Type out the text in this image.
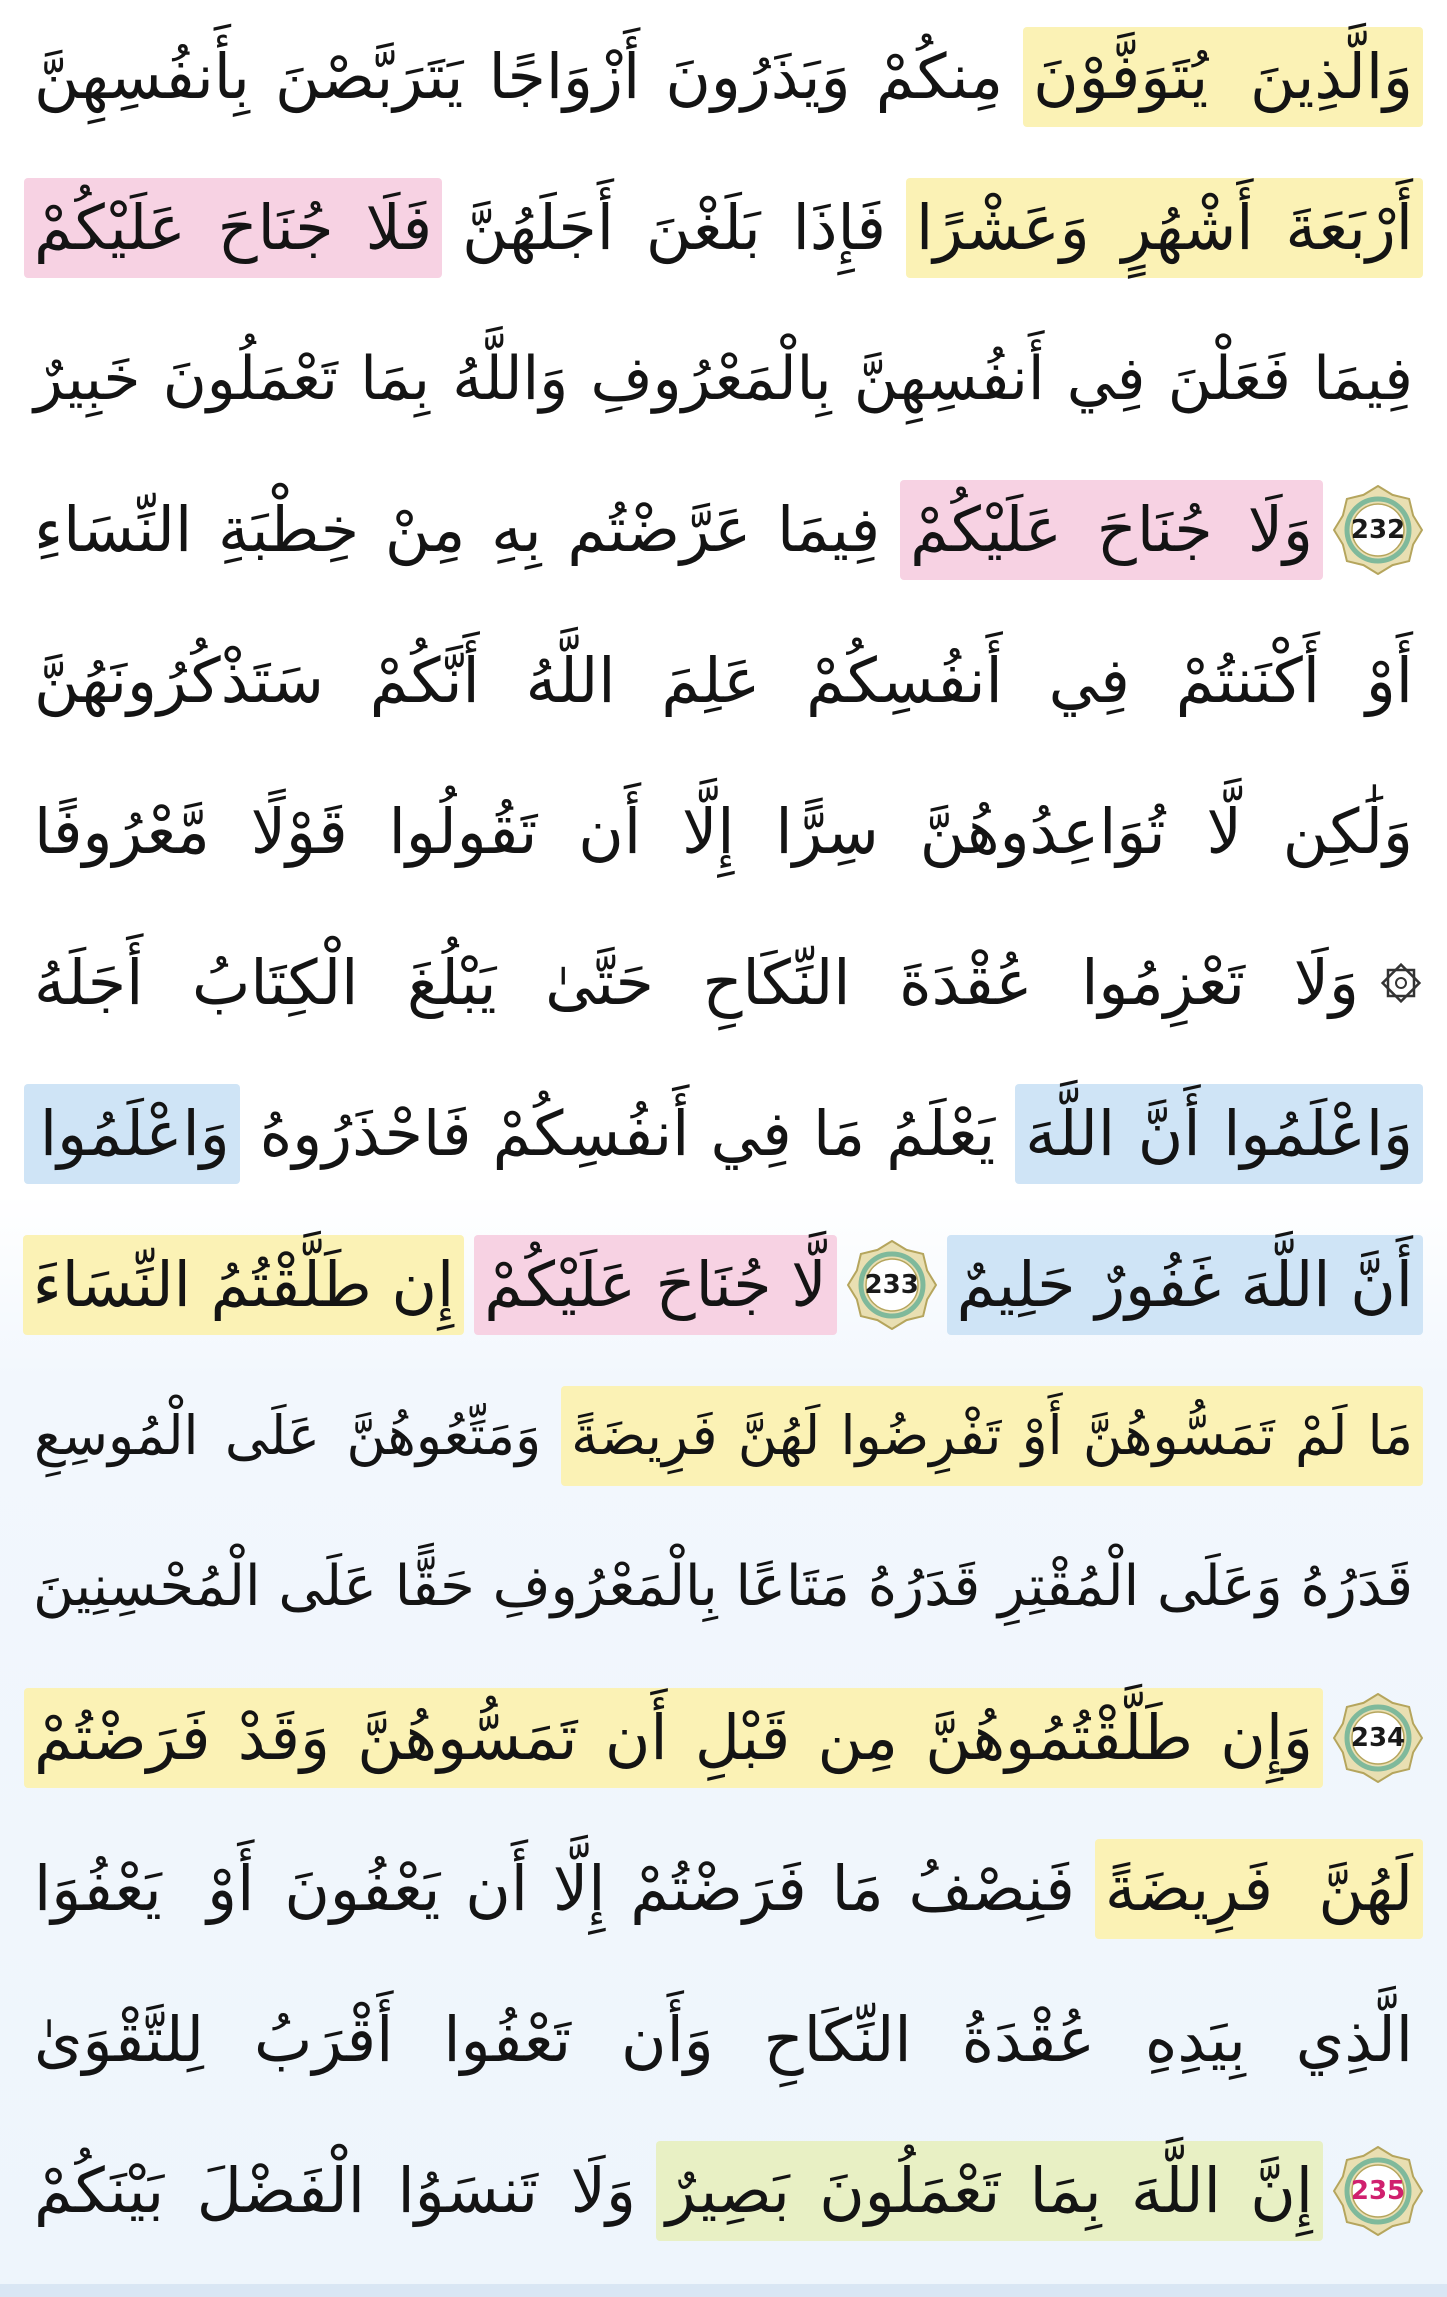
وَالَّذِينَ يُتَوَفَّوْنَ
مِنكُمْ وَيَذَرُونَ أَزْوَاجًا يَتَرَبَّصْنَ بِأَنفُسِهِنَّ
أَرْبَعَةَ أَشْهُرٍ وَعَشْرًا
فَإِذَا بَلَغْنَ أَجَلَهُنَّ
فَلَا جُنَاحَ عَلَيْكُمْ
فِيمَا فَعَلْنَ فِي أَنفُسِهِنَّ بِالْمَعْرُوفِ وَاللَّهُ بِمَا تَعْمَلُونَ خَبِيرٌ
232
وَلَا جُنَاحَ عَلَيْكُمْ
فِيمَا عَرَّضْتُم بِهِ مِنْ خِطْبَةِ النِّسَاءِ
أَوْ أَكْنَنتُمْ فِي أَنفُسِكُمْ عَلِمَ اللَّهُ أَنَّكُمْ سَتَذْكُرُونَهُنَّ
وَلَٰكِن لَّا تُوَاعِدُوهُنَّ سِرًّا إِلَّا أَن تَقُولُوا قَوْلًا مَّعْرُوفًا
وَلَا تَعْزِمُوا عُقْدَةَ النِّكَاحِ حَتَّىٰ يَبْلُغَ الْكِتَابُ أَجَلَهُ
وَاعْلَمُوا أَنَّ اللَّهَ
يَعْلَمُ مَا فِي أَنفُسِكُمْ فَاحْذَرُوهُ
وَاعْلَمُوا
أَنَّ اللَّهَ غَفُورٌ حَلِيمٌ
233
لَّا جُنَاحَ عَلَيْكُمْ
إِن طَلَّقْتُمُ النِّسَاءَ
مَا لَمْ تَمَسُّوهُنَّ أَوْ تَفْرِضُوا لَهُنَّ فَرِيضَةً
وَمَتِّعُوهُنَّ عَلَى الْمُوسِعِ
قَدَرُهُ وَعَلَى الْمُقْتِرِ قَدَرُهُ مَتَاعًا بِالْمَعْرُوفِ حَقًّا عَلَى الْمُحْسِنِينَ
234
وَإِن طَلَّقْتُمُوهُنَّ مِن قَبْلِ أَن تَمَسُّوهُنَّ وَقَدْ فَرَضْتُمْ
لَهُنَّ فَرِيضَةً
فَنِصْفُ مَا فَرَضْتُمْ إِلَّا أَن يَعْفُونَ
أَوْ يَعْفُوَا
الَّذِي بِيَدِهِ عُقْدَةُ النِّكَاحِ وَأَن تَعْفُوا أَقْرَبُ لِلتَّقْوَىٰ
235
إِنَّ اللَّهَ بِمَا تَعْمَلُونَ بَصِيرٌ
وَلَا تَنسَوُا الْفَضْلَ بَيْنَكُمْ
